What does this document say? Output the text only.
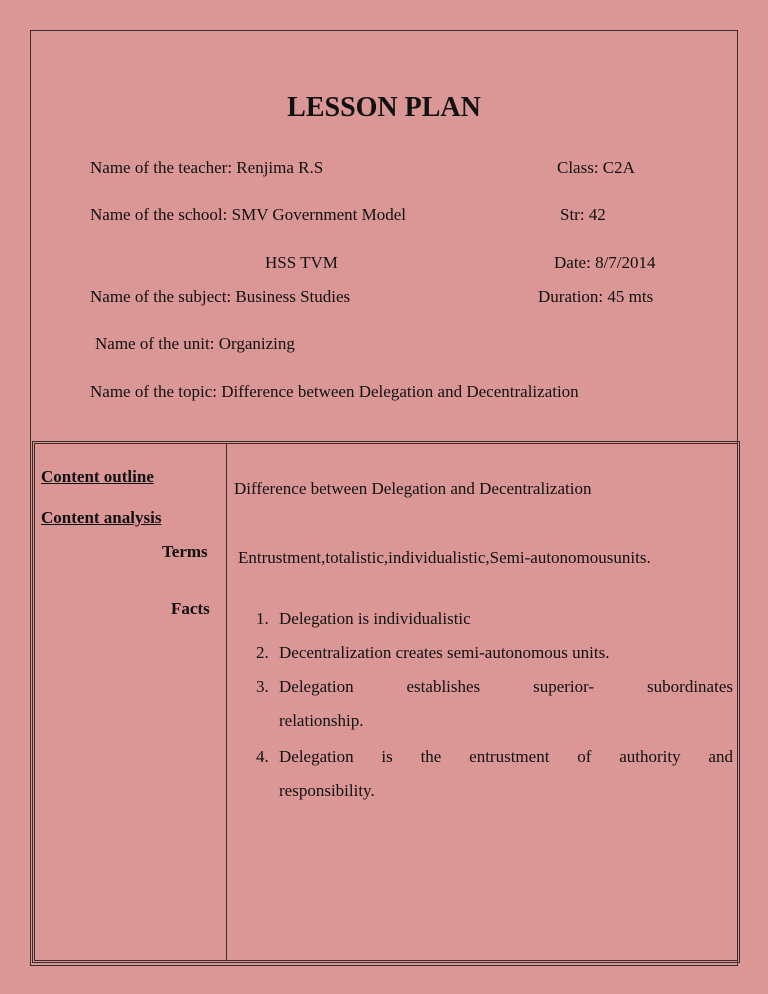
LESSON PLAN
Name of the teacher: Renjima R.S	Class: C2A
Name of the school: SMV Government Model	Str: 42
HSS TVM	Date: 8/7/2014
Name of the subject: Business Studies	Duration: 45 mts
Name of the unit: Organizing
Name of the topic: Difference between Delegation and Decentralization
Content outline
Difference between Delegation and Decentralization
Content analysis
Terms Entrustment,totalistic,individualistic,Semi-autonomousunits.
Facts
1. Delegation is individualistic
2. Decentralization creates semi-autonomous units.
3. Delegation	establishes	superior-	subordinates
relationship.
4. Delegation is the entrustment of authority and
responsibility.
